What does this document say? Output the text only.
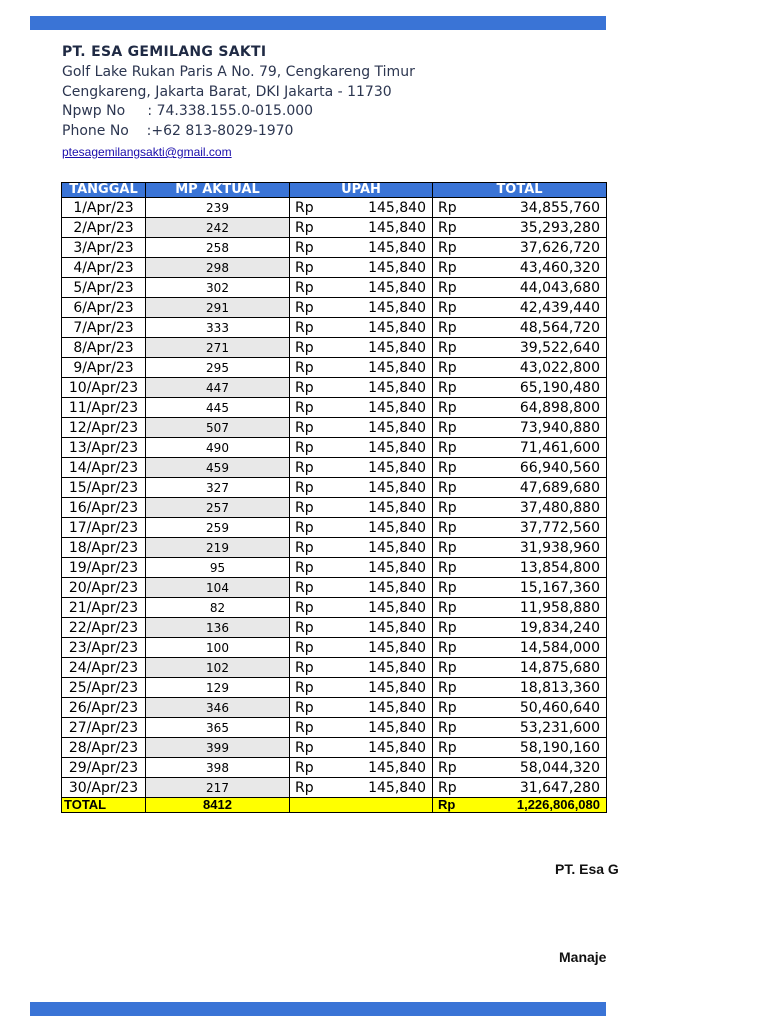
PT. ESA GEMILANG SAKTI
Golf Lake Rukan Paris A No. 79, Cengkareng Timur
Cengkareng, Jakarta Barat, DKI Jakarta - 11730
Npwp No     : 74.338.155.0-015.000
Phone No    :+62 813-8029-1970
ptesagemilangsakti@gmail.com
TANGGAL	MP AKTUAL	UPAH	TOTAL
1/Apr/23	239	Rp 145,840	Rp 34,855,760

2/Apr/23	242	Rp 145,840	Rp 35,293,280

3/Apr/23	258	Rp 145,840	Rp 37,626,720

4/Apr/23	298	Rp 145,840	Rp 43,460,320

5/Apr/23	302	Rp 145,840	Rp 44,043,680

6/Apr/23	291	Rp 145,840	Rp 42,439,440

7/Apr/23	333	Rp 145,840	Rp 48,564,720

8/Apr/23	271	Rp 145,840	Rp 39,522,640

9/Apr/23	295	Rp 145,840	Rp 43,022,800

10/Apr/23	447	Rp 145,840	Rp 65,190,480

11/Apr/23	445	Rp 145,840	Rp 64,898,800

12/Apr/23	507	Rp 145,840	Rp 73,940,880

13/Apr/23	490	Rp 145,840	Rp 71,461,600

14/Apr/23	459	Rp 145,840	Rp 66,940,560

15/Apr/23	327	Rp 145,840	Rp 47,689,680

16/Apr/23	257	Rp 145,840	Rp 37,480,880

17/Apr/23	259	Rp 145,840	Rp 37,772,560

18/Apr/23	219	Rp 145,840	Rp 31,938,960

19/Apr/23	95	Rp 145,840	Rp 13,854,800

20/Apr/23	104	Rp 145,840	Rp 15,167,360

21/Apr/23	82	Rp 145,840	Rp 11,958,880

22/Apr/23	136	Rp 145,840	Rp 19,834,240

23/Apr/23	100	Rp 145,840	Rp 14,584,000

24/Apr/23	102	Rp 145,840	Rp 14,875,680

25/Apr/23	129	Rp 145,840	Rp 18,813,360

26/Apr/23	346	Rp 145,840	Rp 50,460,640

27/Apr/23	365	Rp 145,840	Rp 53,231,600

28/Apr/23	399	Rp 145,840	Rp 58,190,160

29/Apr/23	398	Rp 145,840	Rp 58,044,320

30/Apr/23	217	Rp 145,840	Rp 31,647,280

TOTAL	8412		Rp 1,226,806,080
PT. Esa G
Manaje
